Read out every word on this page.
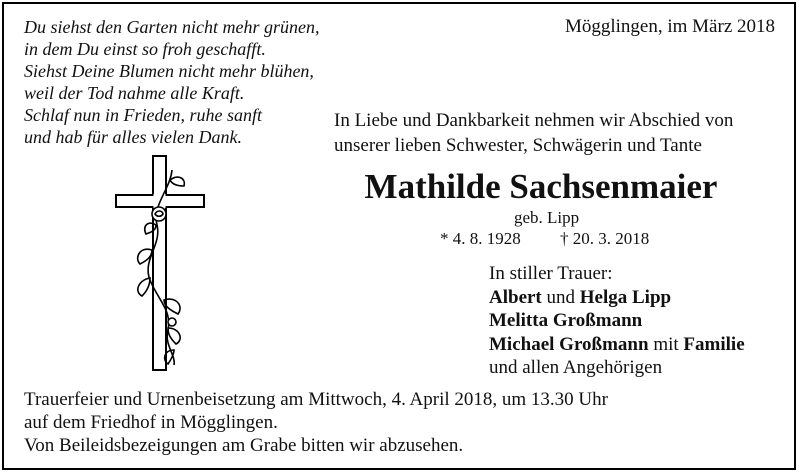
Du siehst den Garten nicht mehr grünen,
in dem Du einst so froh geschafft.
Siehst Deine Blumen nicht mehr blühen,
weil der Tod nahme alle Kraft.
Schlaf nun in Frieden, ruhe sanft
und hab für alles vielen Dank.
Mögglingen, im März 2018
In Liebe und Dankbarkeit nehmen wir Abschied von
unserer lieben Schwester, Schwägerin und Tante
Mathilde Sachsenmaier
geb. Lipp
* 4. 8. 1928 † 20. 3. 2018
In stiller Trauer:
Albert und Helga Lipp
Melitta Großmann
Michael Großmann mit Familie
und allen Angehörigen
Trauerfeier und Urnenbeisetzung am Mittwoch, 4. April 2018, um 13.30 Uhr
auf dem Friedhof in Mögglingen.
Von Beileidsbezeigungen am Grabe bitten wir abzusehen.
